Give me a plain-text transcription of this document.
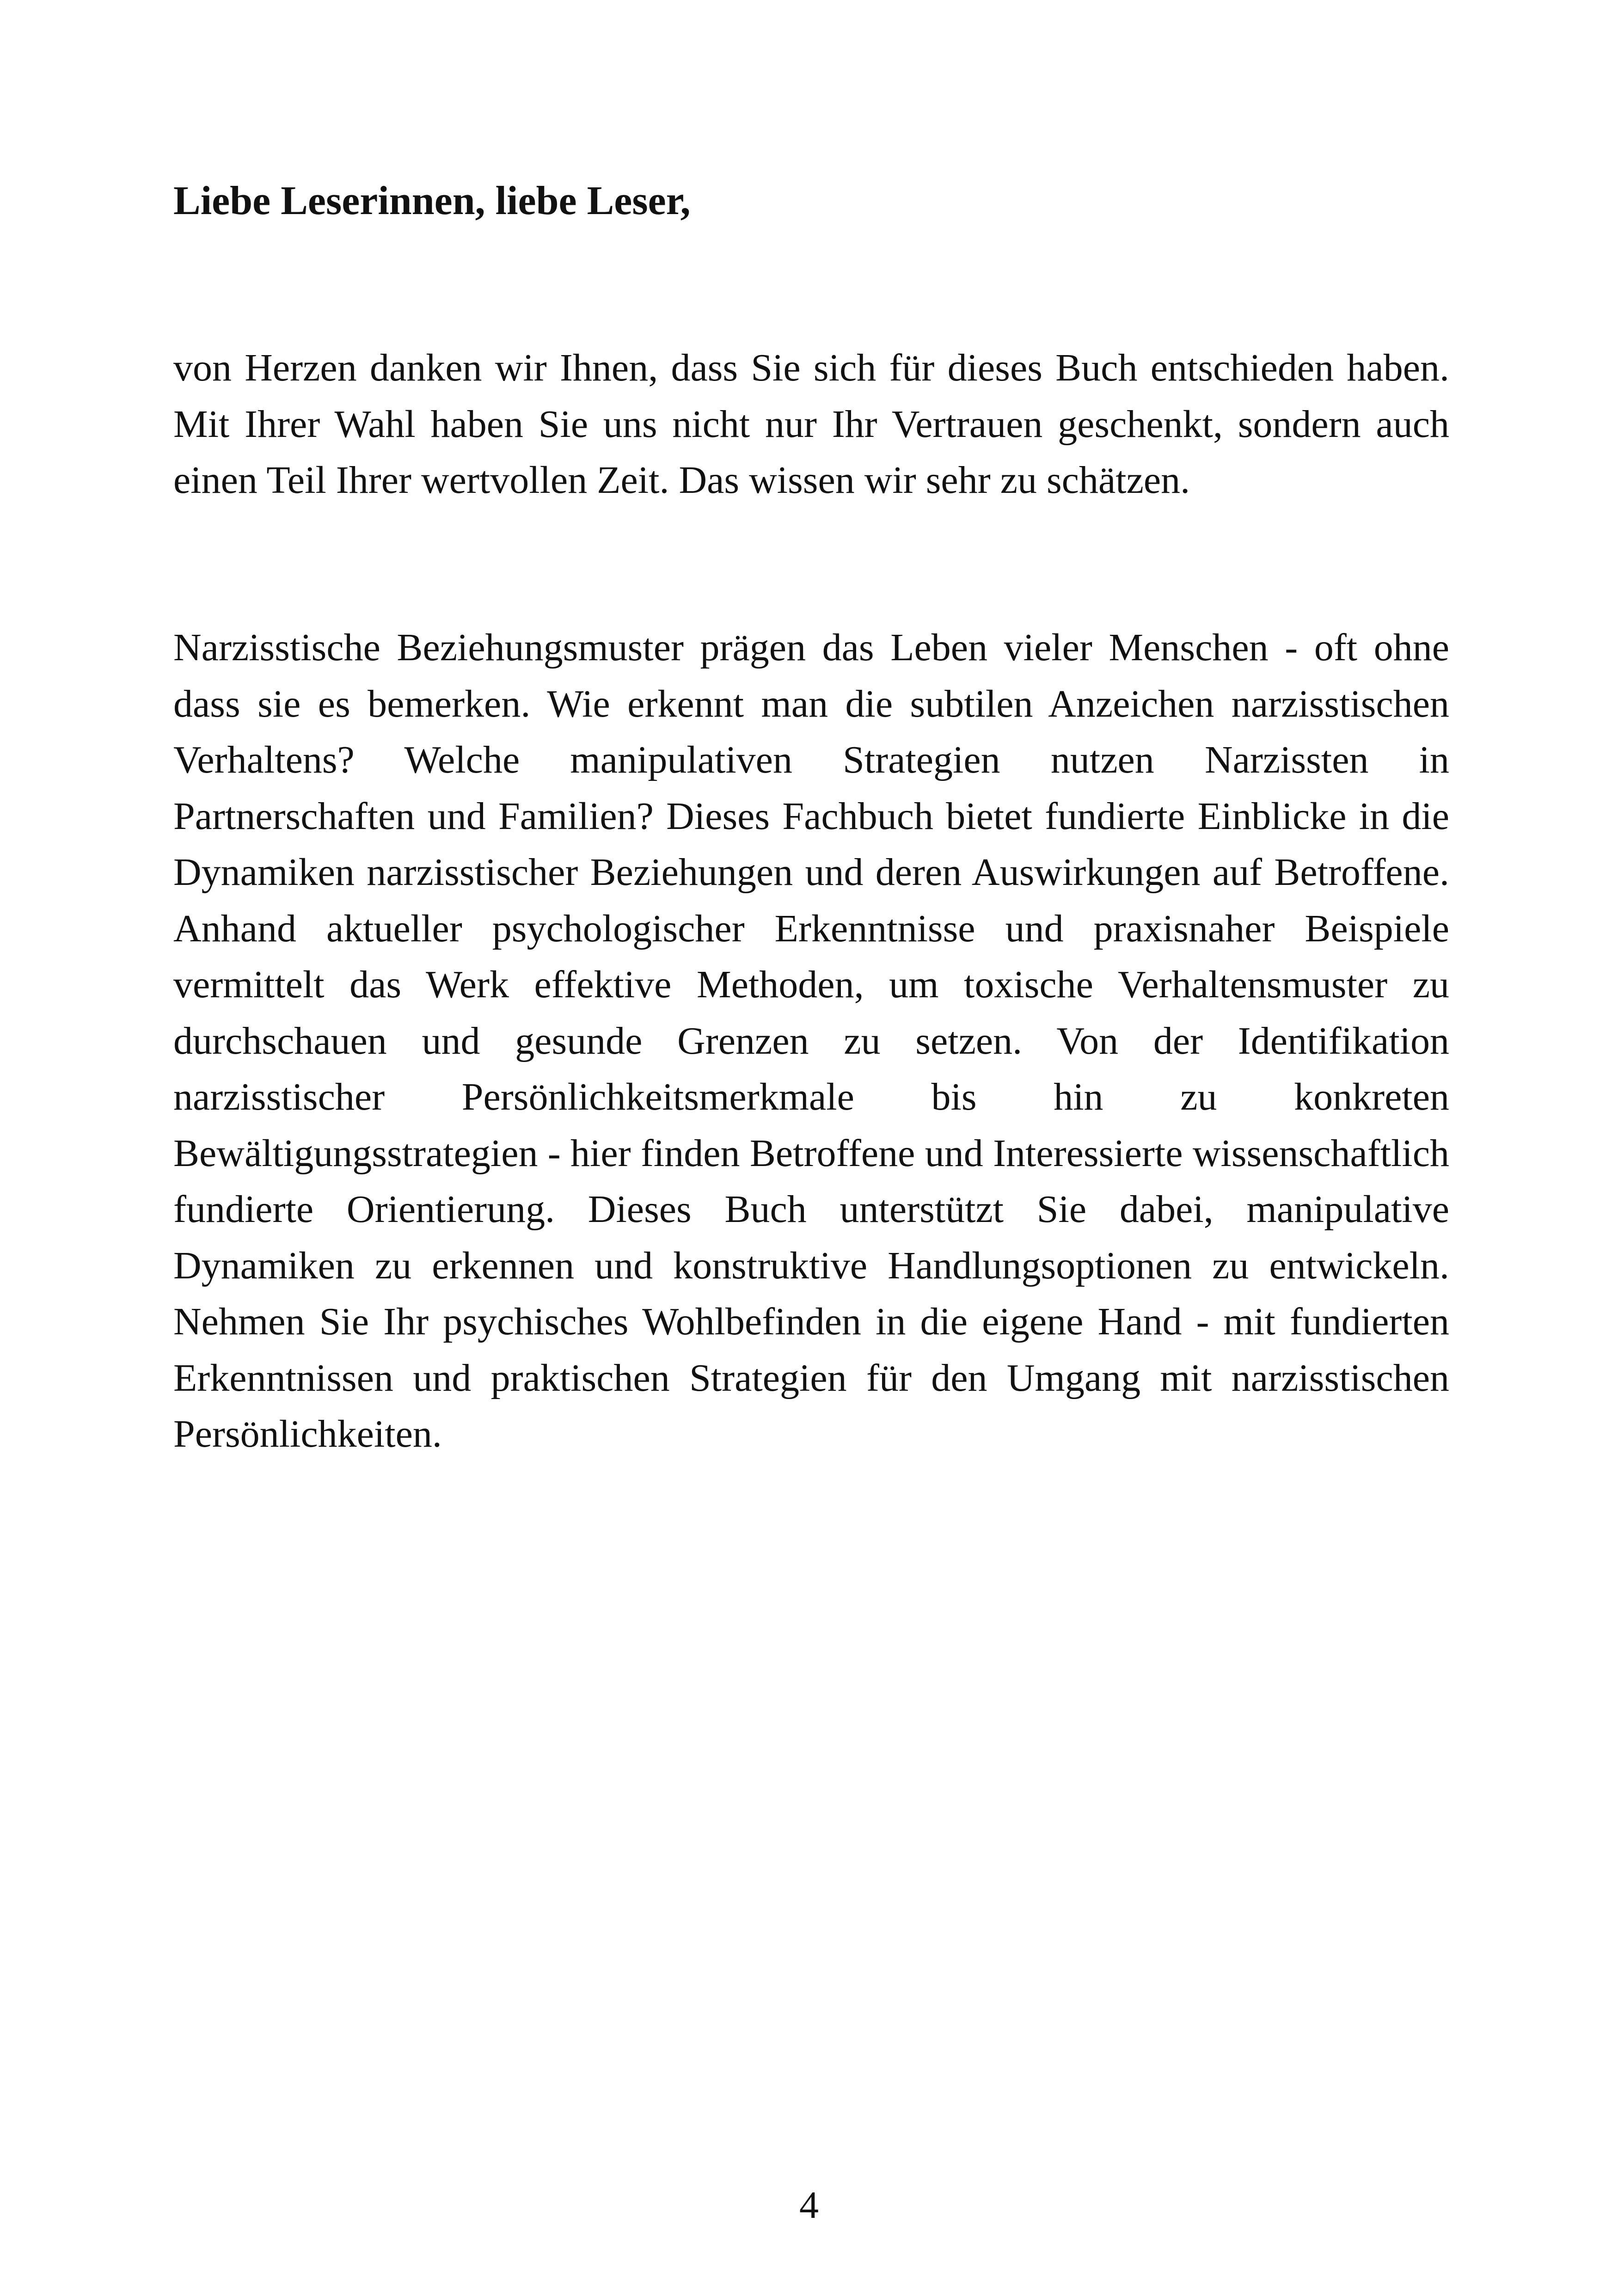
Liebe Leserinnen, liebe Leser,

von Herzen danken wir Ihnen, dass Sie sich für dieses Buch entschieden haben. Mit Ihrer Wahl haben Sie uns nicht nur Ihr Vertrauen geschenkt, sondern auch einen Teil Ihrer wertvollen Zeit. Das wissen wir sehr zu schätzen.

Narzisstische Beziehungsmuster prägen das Leben vieler Menschen - oft ohne dass sie es bemerken. Wie erkennt man die subtilen Anzeichen narzisstischen Verhaltens? Welche manipulativen Strategien nutzen Narzissten in Partnerschaften und Familien? Dieses Fachbuch bietet fundierte Einblicke in die Dynamiken narzisstischer Beziehungen und deren Auswirkungen auf Betroffene. Anhand aktueller psychologischer Erkenntnisse und praxisnaher Beispiele vermittelt das Werk effektive Methoden, um toxische Verhaltensmuster zu durchschauen und gesunde Grenzen zu setzen. Von der Identifikation narzisstischer Persönlichkeitsmerkmale bis hin zu konkreten Bewältigungsstrategien - hier finden Betroffene und Interessierte wissenschaftlich fundierte Orientierung. Dieses Buch unterstützt Sie dabei, manipulative Dynamiken zu erkennen und konstruktive Handlungsoptionen zu entwickeln. Nehmen Sie Ihr psychisches Wohlbefinden in die eigene Hand - mit fundierten Erkenntnissen und praktischen Strategien für den Umgang mit narzisstischen Persönlichkeiten.

4
